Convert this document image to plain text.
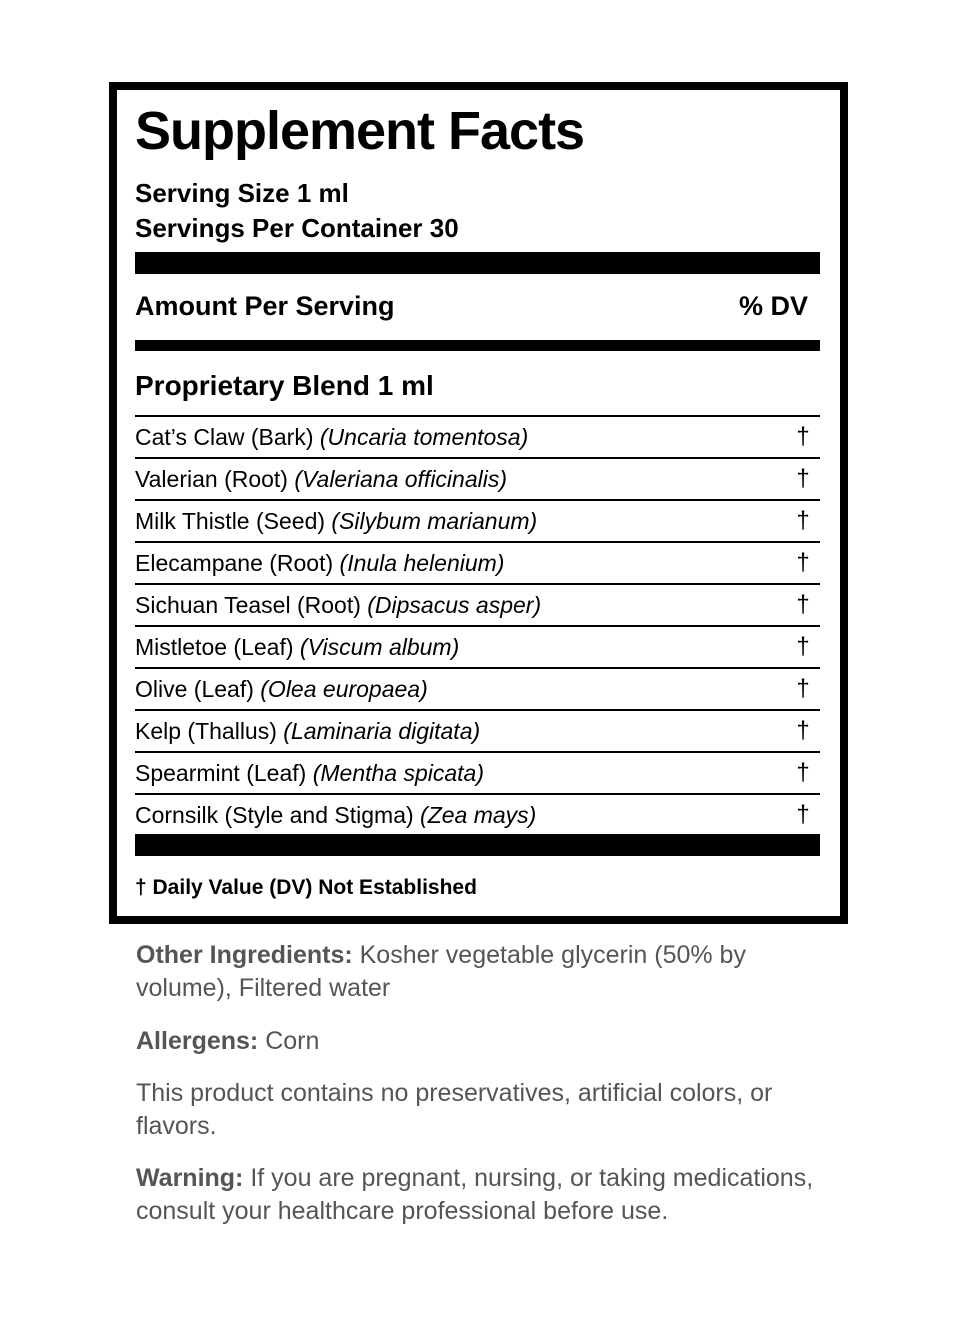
Supplement Facts
Serving Size 1 ml
Servings Per Container 30
Amount Per Serving	% DV
Proprietary Blend 1 ml
Cat’s Claw (Bark) (Uncaria tomentosa)	†
Valerian (Root) (Valeriana officinalis)	†
Milk Thistle (Seed) (Silybum marianum)	†
Elecampane (Root) (Inula helenium)	†
Sichuan Teasel (Root) (Dipsacus asper)	†
Mistletoe (Leaf) (Viscum album)	†
Olive (Leaf) (Olea europaea)	†
Kelp (Thallus) (Laminaria digitata)	†
Spearmint (Leaf) (Mentha spicata)	†
Cornsilk (Style and Stigma) (Zea mays)	†
† Daily Value (DV) Not Established
Other Ingredients: Kosher vegetable glycerin (50% by volume), Filtered water
Allergens: Corn
This product contains no preservatives, artificial colors, or flavors.
Warning: If you are pregnant, nursing, or taking medications, consult your healthcare professional before use.
